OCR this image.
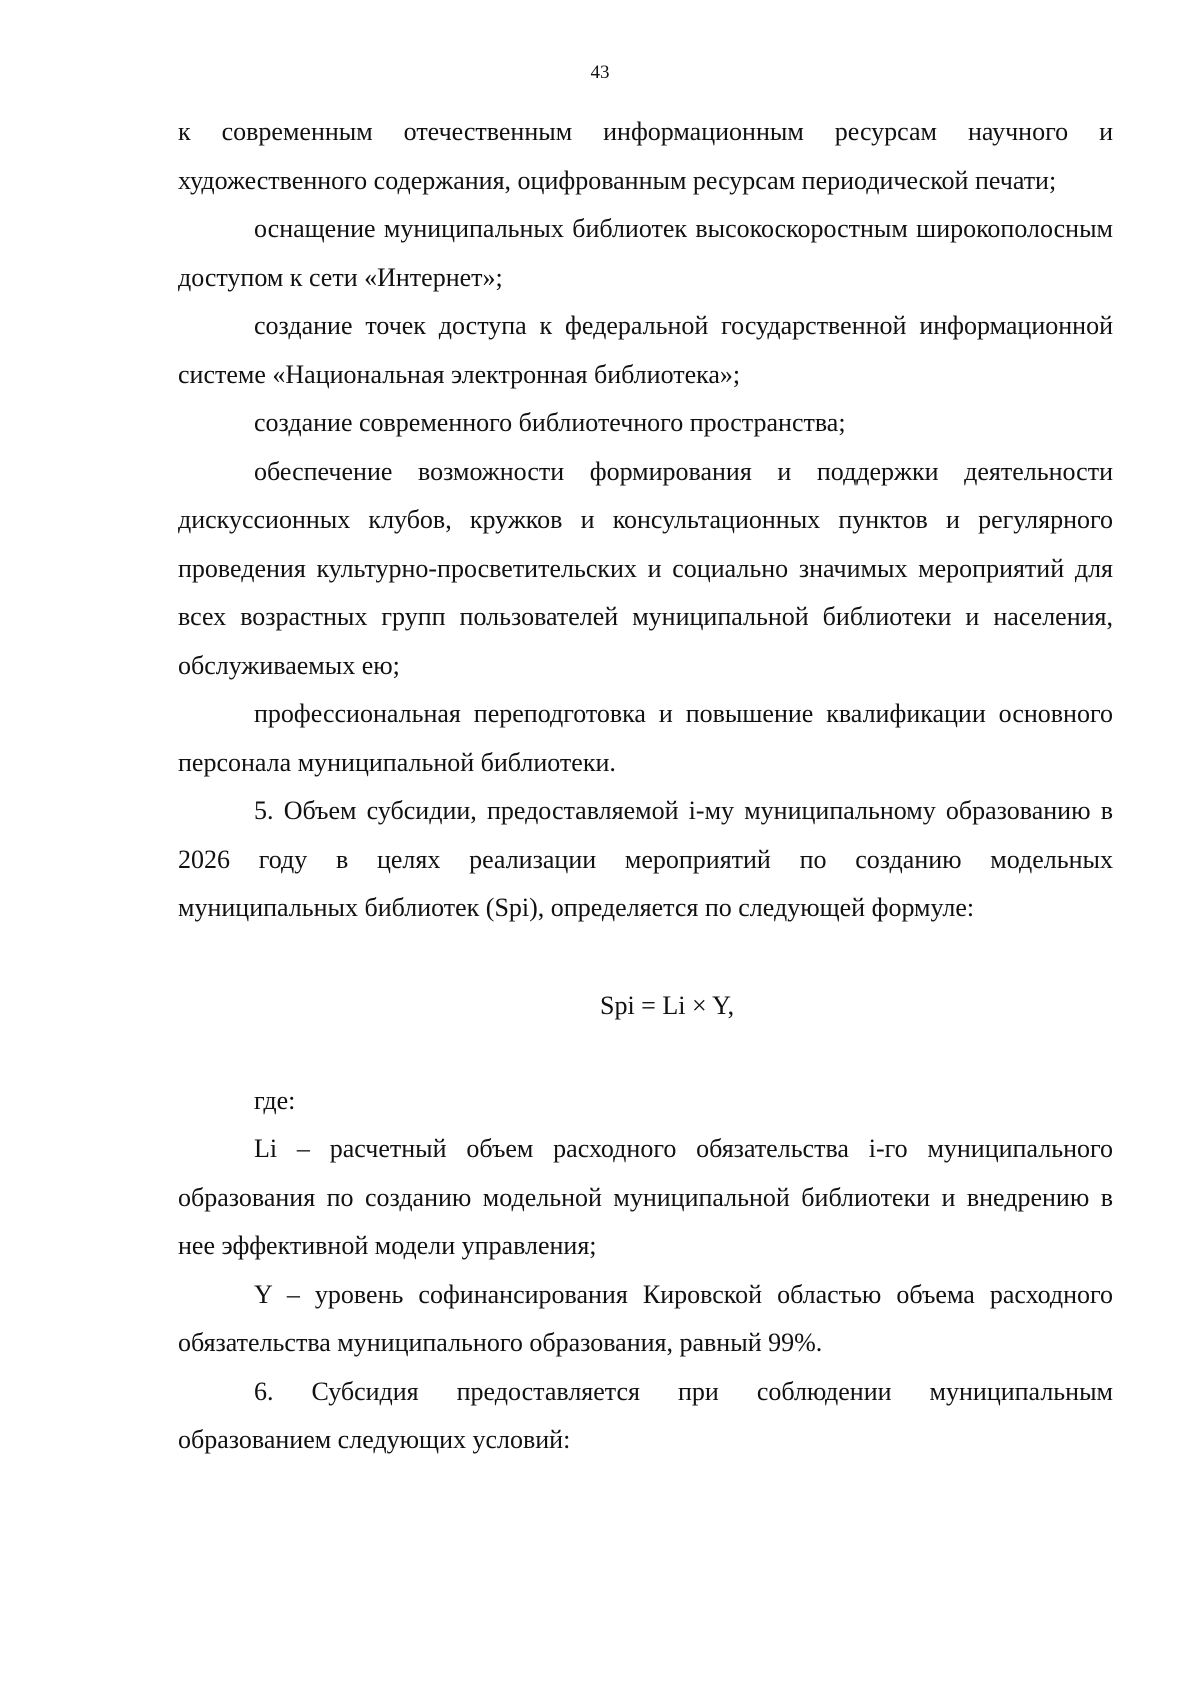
43

к современным отечественным информационным ресурсам научного и художественного содержания, оцифрованным ресурсам периодической печати;

оснащение муниципальных библиотек высокоскоростным широкополосным доступом к сети «Интернет»;

создание точек доступа к федеральной государственной информационной системе «Национальная электронная библиотека»;

создание современного библиотечного пространства;

обеспечение возможности формирования и поддержки деятельности дискуссионных клубов, кружков и консультационных пунктов и регулярного проведения культурно-просветительских и социально значимых мероприятий для всех возрастных групп пользователей муниципальной библиотеки и населения, обслуживаемых ею;

профессиональная переподготовка и повышение квалификации основного персонала муниципальной библиотеки.

5. Объем субсидии, предоставляемой i-му муниципальному образованию в 2026 году в целях реализации мероприятий по созданию модельных муниципальных библиотек (Spi), определяется по следующей формуле:

Spi = Li × Y,

где:

Li – расчетный объем расходного обязательства i-го муниципального образования по созданию модельной муниципальной библиотеки и внедрению в нее эффективной модели управления;

Y – уровень софинансирования Кировской областью объема расходного обязательства муниципального образования, равный 99%.

6. Субсидия предоставляется при соблюдении муниципальным образованием следующих условий:
